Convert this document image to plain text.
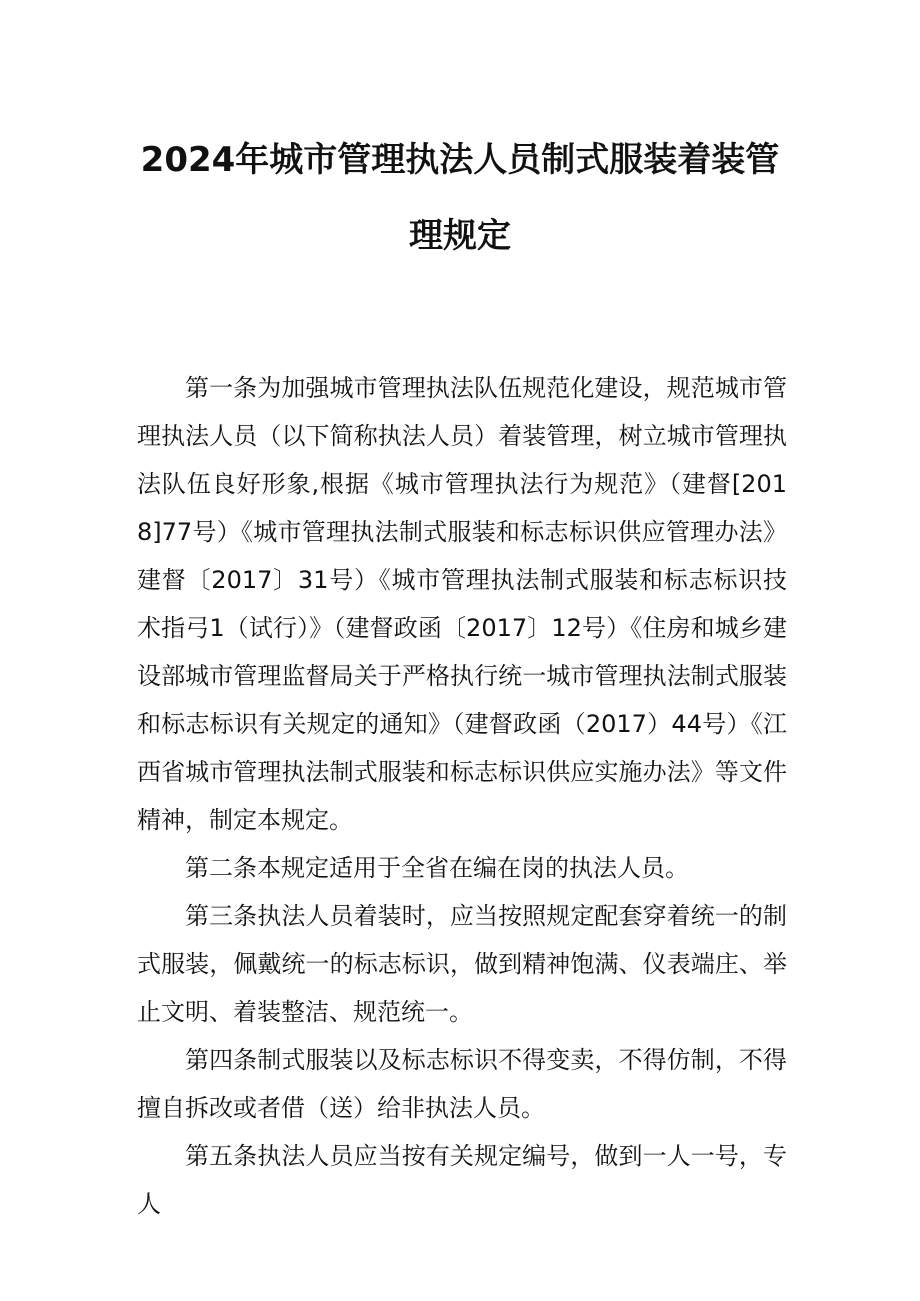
2024年城市管理执法人员制式服装着装管
理规定

第一条为加强城市管理执法队伍规范化建设，规范城市管理执法人员（以下简称执法人员）着装管理，树立城市管理执法队伍良好形象,根据《城市管理执法行为规范》（建督[2018]77号）《城市管理执法制式服装和标志标识供应管理办法》建督〔2017〕31号）《城市管理执法制式服装和标志标识技术指弓1（试行）》（建督政函〔2017〕12号）《住房和城乡建设部城市管理监督局关于严格执行统一城市管理执法制式服装和标志标识有关规定的通知》（建督政函（2017）44号）《江西省城市管理执法制式服装和标志标识供应实施办法》等文件精神，制定本规定。

第二条本规定适用于全省在编在岗的执法人员。

第三条执法人员着装时，应当按照规定配套穿着统一的制式服装，佩戴统一的标志标识，做到精神饱满、仪表端庄、举止文明、着装整洁、规范统一。

第四条制式服装以及标志标识不得变卖，不得仿制，不得擅自拆改或者借（送）给非执法人员。

第五条执法人员应当按有关规定编号，做到一人一号，专人
